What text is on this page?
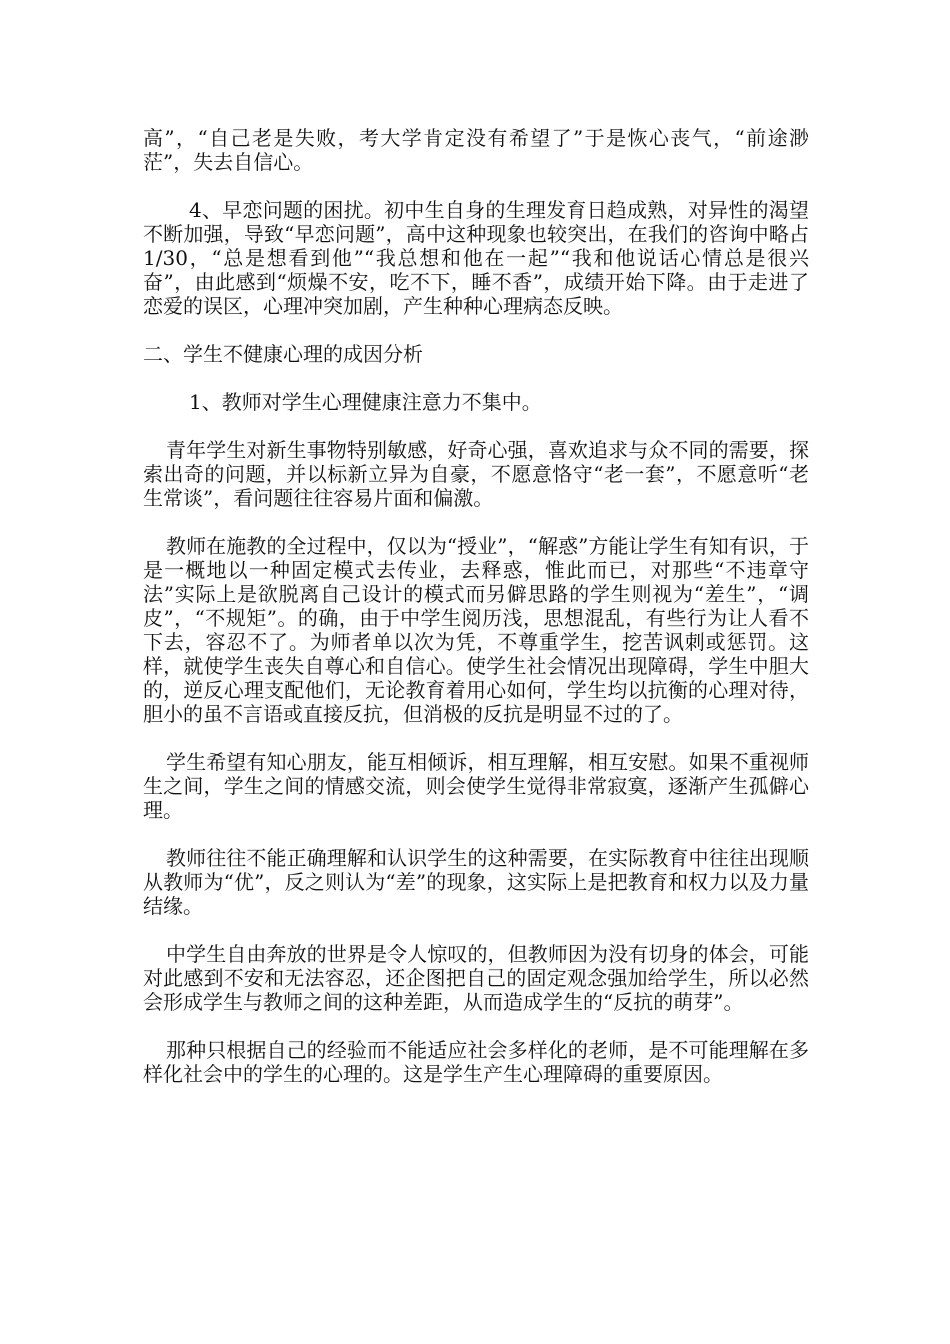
高”，“自己老是失败，考大学肯定没有希望了”于是恢心丧气，“前途渺茫”，失去自信心。

4、早恋问题的困扰。初中生自身的生理发育日趋成熟，对异性的渴望不断加强，导致“早恋问题”，高中这种现象也较突出，在我们的咨询中略占1/30，“总是想看到他”“我总想和他在一起”“我和他说话心情总是很兴奋”，由此感到“烦燥不安，吃不下，睡不香”，成绩开始下降。由于走进了恋爱的误区，心理冲突加剧，产生种种心理病态反映。

二、学生不健康心理的成因分析

1、教师对学生心理健康注意力不集中。

青年学生对新生事物特别敏感，好奇心强，喜欢追求与众不同的需要，探索出奇的问题，并以标新立异为自豪，不愿意恪守“老一套”，不愿意听“老生常谈”，看问题往往容易片面和偏激。

教师在施教的全过程中，仅以为“授业”，“解惑”方能让学生有知有识，于是一概地以一种固定模式去传业，去释惑，惟此而已，对那些“不违章守法”实际上是欲脱离自己设计的模式而另僻思路的学生则视为“差生”，“调皮”，“不规矩”。的确，由于中学生阅历浅，思想混乱，有些行为让人看不下去，容忍不了。为师者单以次为凭，不尊重学生，挖苦讽刺或惩罚。这样，就使学生丧失自尊心和自信心。使学生社会情况出现障碍，学生中胆大的，逆反心理支配他们，无论教育着用心如何，学生均以抗衡的心理对待，胆小的虽不言语或直接反抗，但消极的反抗是明显不过的了。

学生希望有知心朋友，能互相倾诉，相互理解，相互安慰。如果不重视师生之间，学生之间的情感交流，则会使学生觉得非常寂寞，逐渐产生孤僻心理。

教师往往不能正确理解和认识学生的这种需要，在实际教育中往往出现顺从教师为“优”，反之则认为“差”的现象，这实际上是把教育和权力以及力量结缘。

中学生自由奔放的世界是令人惊叹的，但教师因为没有切身的体会，可能对此感到不安和无法容忍，还企图把自己的固定观念强加给学生，所以必然会形成学生与教师之间的这种差距，从而造成学生的“反抗的萌芽”。

那种只根据自己的经验而不能适应社会多样化的老师，是不可能理解在多样化社会中的学生的心理的。这是学生产生心理障碍的重要原因。
